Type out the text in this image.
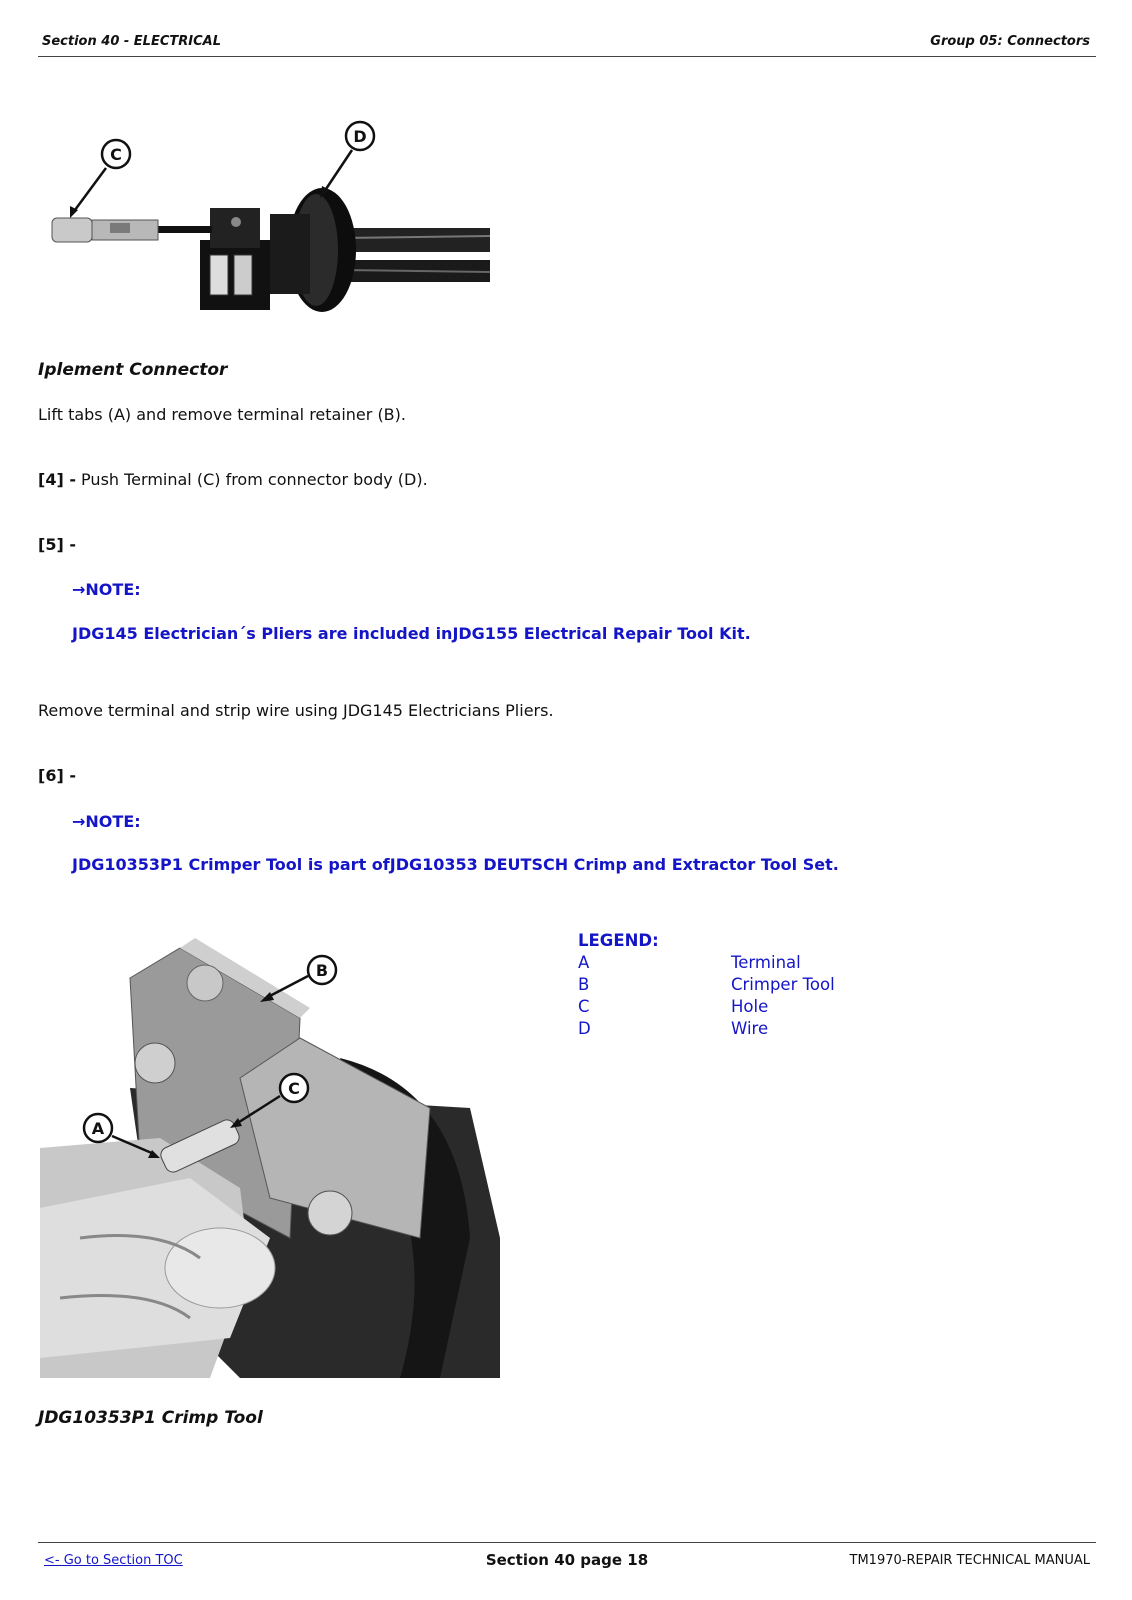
Section 40 - ELECTRICAL	Group 05: Connectors
C
D
Iplement Connector
Lift tabs (A) and remove terminal retainer (B).
[4] - Push Terminal (C) from connector body (D).
[5] -
→NOTE:
JDG145 Electrician´s Pliers are included inJDG155 Electrical Repair Tool Kit.
Remove terminal and strip wire using JDG145 Electricians Pliers.
[6] -
→NOTE:
JDG10353P1 Crimper Tool is part ofJDG10353 DEUTSCH Crimp and Extractor Tool Set.
B
C
A
LEGEND:
A	Terminal
B	Crimper Tool
C	Hole
D	Wire
JDG10353P1 Crimp Tool
<- Go to Section TOC	Section 40 page 18	TM1970-REPAIR TECHNICAL MANUAL
